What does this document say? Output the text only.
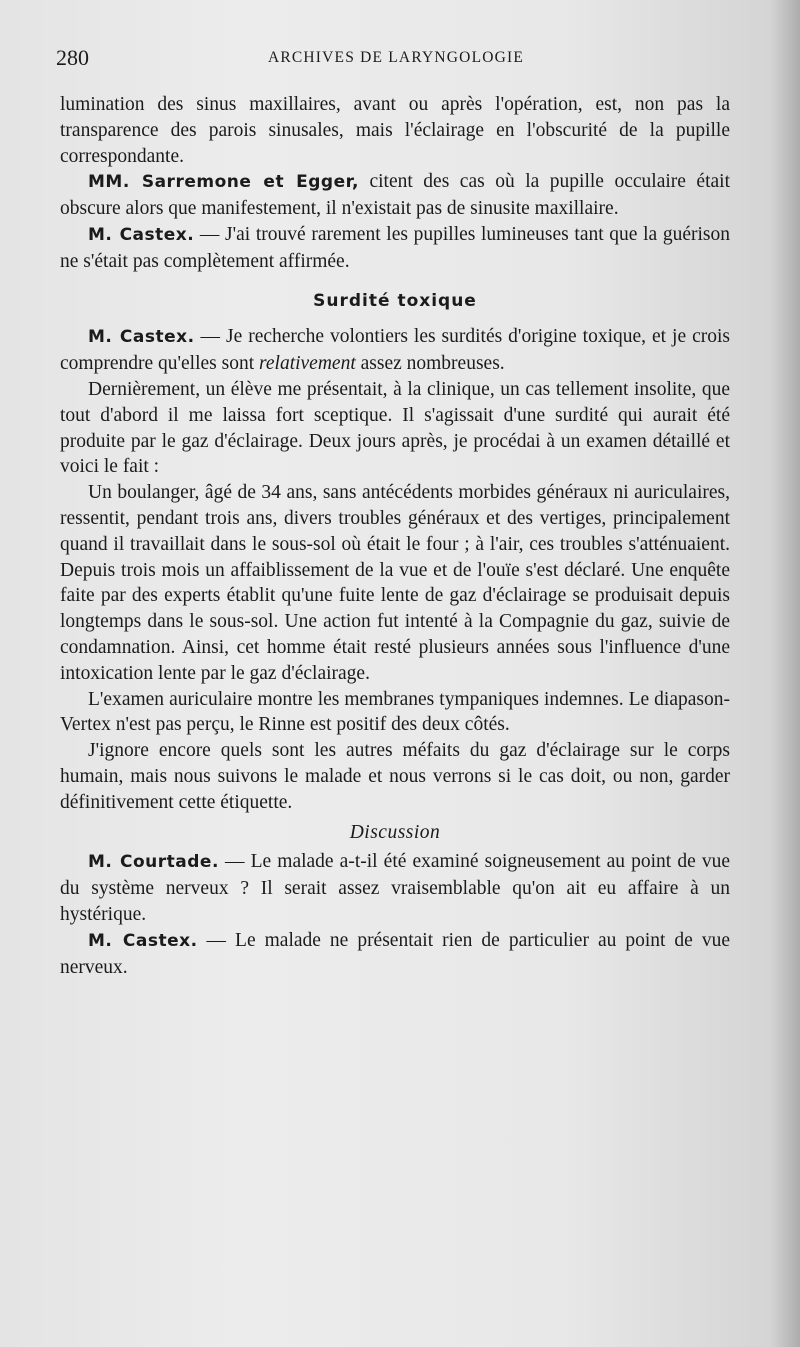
280	ARCHIVES DE LARYNGOLOGIE

lumination des sinus maxillaires, avant ou après l'opération, est, non pas la transparence des parois sinusales, mais l'éclairage en l'obscurité de la pupille correspondante.

MM. Sarremone et Egger, citent des cas où la pupille occulaire était obscure alors que manifestement, il n'existait pas de sinusite maxillaire.

M. Castex. — J'ai trouvé rarement les pupilles lumineuses tant que la guérison ne s'était pas complètement affirmée.

Surdité toxique

M. Castex. — Je recherche volontiers les surdités d'origine toxique, et je crois comprendre qu'elles sont relativement assez nombreuses.

Dernièrement, un élève me présentait, à la clinique, un cas tellement insolite, que tout d'abord il me laissa fort sceptique. Il s'agissait d'une surdité qui aurait été produite par le gaz d'éclairage. Deux jours après, je procédai à un examen détaillé et voici le fait :

Un boulanger, âgé de 34 ans, sans antécédents morbides généraux ni auriculaires, ressentit, pendant trois ans, divers troubles généraux et des vertiges, principalement quand il travaillait dans le sous-sol où était le four ; à l'air, ces troubles s'atténuaient. Depuis trois mois un affaiblissement de la vue et de l'ouïe s'est déclaré. Une enquête faite par des experts établit qu'une fuite lente de gaz d'éclairage se produisait depuis longtemps dans le sous-sol. Une action fut intenté à la Compagnie du gaz, suivie de condamnation. Ainsi, cet homme était resté plusieurs années sous l'influence d'une intoxication lente par le gaz d'éclairage.

L'examen auriculaire montre les membranes tympaniques indemnes. Le diapason-Vertex n'est pas perçu, le Rinne est positif des deux côtés.

J'ignore encore quels sont les autres méfaits du gaz d'éclairage sur le corps humain, mais nous suivons le malade et nous verrons si le cas doit, ou non, garder définitivement cette étiquette.

Discussion

M. Courtade. — Le malade a-t-il été examiné soigneusement au point de vue du système nerveux ? Il serait assez vraisemblable qu'on ait eu affaire à un hystérique.

M. Castex. — Le malade ne présentait rien de particulier au point de vue nerveux.
